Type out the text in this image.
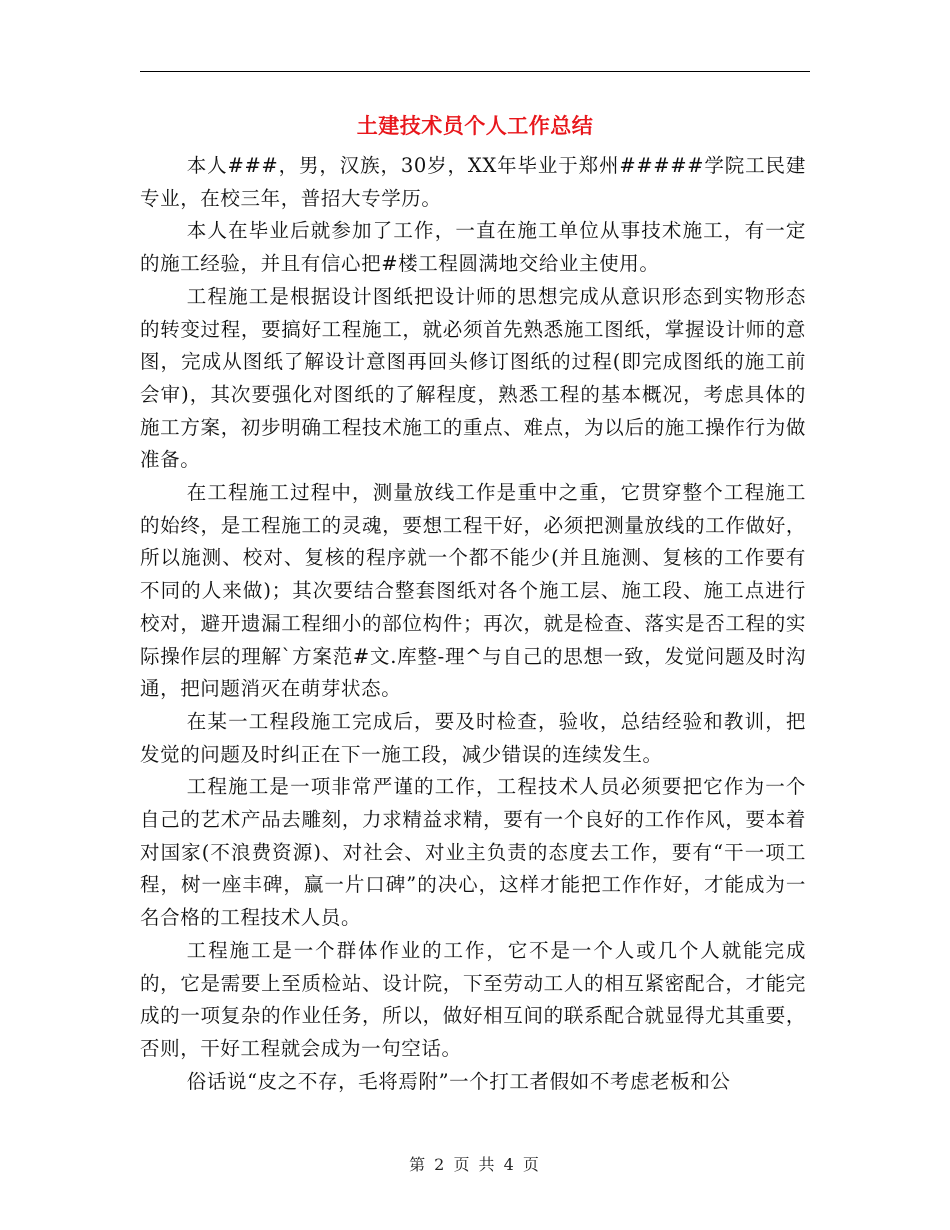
土建技术员个人工作总结

本人###，男，汉族，30岁，XX年毕业于郑州#####学院工民建专业，在校三年，普招大专学历。

本人在毕业后就参加了工作，一直在施工单位从事技术施工，有一定的施工经验，并且有信心把#楼工程圆满地交给业主使用。

工程施工是根据设计图纸把设计师的思想完成从意识形态到实物形态的转变过程，要搞好工程施工，就必须首先熟悉施工图纸，掌握设计师的意图，完成从图纸了解设计意图再回头修订图纸的过程(即完成图纸的施工前会审)，其次要强化对图纸的了解程度，熟悉工程的基本概况，考虑具体的施工方案，初步明确工程技术施工的重点、难点，为以后的施工操作行为做准备。

在工程施工过程中，测量放线工作是重中之重，它贯穿整个工程施工的始终，是工程施工的灵魂，要想工程干好，必须把测量放线的工作做好，所以施测、校对、复核的程序就一个都不能少(并且施测、复核的工作要有不同的人来做)；其次要结合整套图纸对各个施工层、施工段、施工点进行校对，避开遗漏工程细小的部位构件；再次，就是检查、落实是否工程的实际操作层的理解`方案范#文.库整-理^与自己的思想一致，发觉问题及时沟通，把问题消灭在萌芽状态。

在某一工程段施工完成后，要及时检查，验收，总结经验和教训，把发觉的问题及时纠正在下一施工段，减少错误的连续发生。

工程施工是一项非常严谨的工作，工程技术人员必须要把它作为一个自己的艺术产品去雕刻，力求精益求精，要有一个良好的工作作风，要本着对国家(不浪费资源)、对社会、对业主负责的态度去工作，要有“干一项工程，树一座丰碑，赢一片口碑”的决心，这样才能把工作作好，才能成为一名合格的工程技术人员。

工程施工是一个群体作业的工作，它不是一个人或几个人就能完成的，它是需要上至质检站、设计院，下至劳动工人的相互紧密配合，才能完成的一项复杂的作业任务，所以，做好相互间的联系配合就显得尤其重要，否则，干好工程就会成为一句空话。

俗话说“皮之不存，毛将焉附”一个打工者假如不考虑老板和公

第 2 页 共 4 页
